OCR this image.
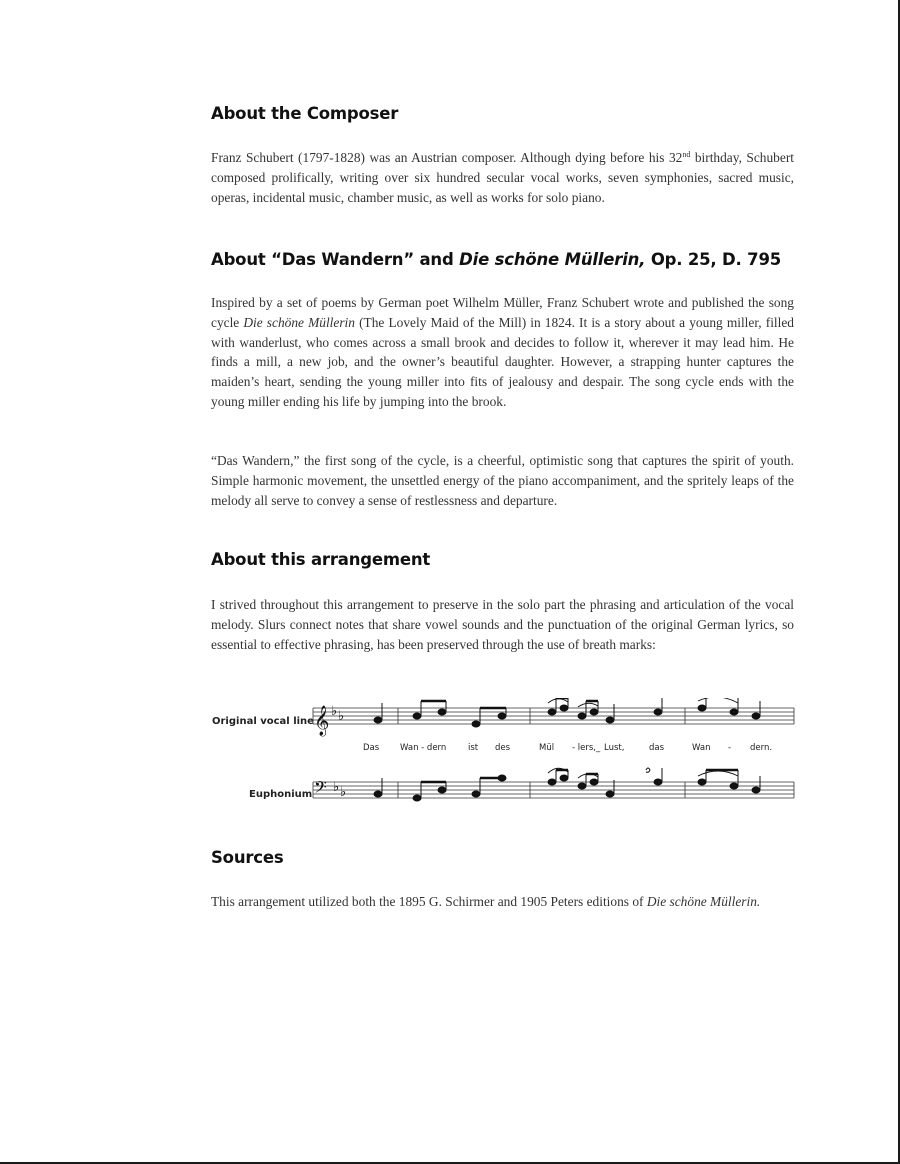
About the Composer

Franz Schubert (1797-1828) was an Austrian composer. Although dying before his 32nd birthday, Schubert composed prolifically, writing over six hundred secular vocal works, seven symphonies, sacred music, operas, incidental music, chamber music, as well as works for solo piano.

About “Das Wandern” and Die schöne Müllerin, Op. 25, D. 795

Inspired by a set of poems by German poet Wilhelm Müller, Franz Schubert wrote and published the song cycle Die schöne Müllerin (The Lovely Maid of the Mill) in 1824. It is a story about a young miller, filled with wanderlust, who comes across a small brook and decides to follow it, wherever it may lead him. He finds a mill, a new job, and the owner’s beautiful daughter. However, a strapping hunter captures the maiden’s heart, sending the young miller into fits of jealousy and despair. The song cycle ends with the young miller ending his life by jumping into the brook.

“Das Wandern,” the first song of the cycle, is a cheerful, optimistic song that captures the spirit of youth. Simple harmonic movement, the unsettled energy of the piano accompaniment, and the spritely leaps of the melody all serve to convey a sense of restlessness and departure.

About this arrangement

I strived throughout this arrangement to preserve in the solo part the phrasing and articulation of the vocal melody. Slurs connect notes that share vowel sounds and the punctuation of the original German lyrics, so essential to effective phrasing, has been preserved through the use of breath marks:

Sources

This arrangement utilized both the 1895 G. Schirmer and 1905 Peters editions of Die schöne Müllerin.

Original vocal line
Euphonium
𝄞 ♭ ♭
Das Wan - dern	ist des	Mül - lers,_ Lust,	das	Wan - dern.
𝄢 ♭ ♭
